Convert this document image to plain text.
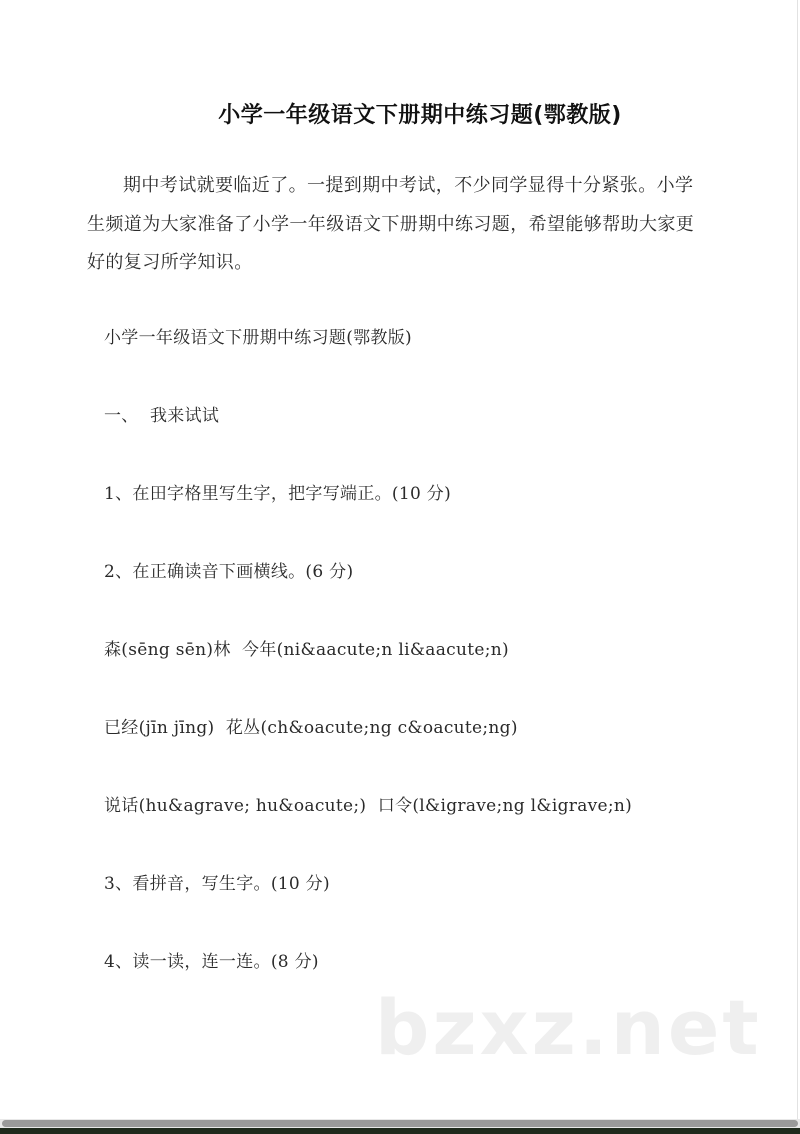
小学一年级语文下册期中练习题(鄂教版)

期中考试就要临近了。一提到期中考试，不少同学显得十分紧张。小学生频道为大家准备了小学一年级语文下册期中练习题，希望能够帮助大家更好的复习所学知识。

小学一年级语文下册期中练习题(鄂教版)

一、  我来试试

1、在田字格里写生字，把字写端正。(10 分)

2、在正确读音下画横线。(6 分)

森(sēng sēn)林  今年(ni&aacute;n li&aacute;n)

已经(jīn jīng)  花丛(ch&oacute;ng c&oacute;ng)

说话(hu&agrave; hu&oacute;)  口令(l&igrave;ng l&igrave;n)

3、看拼音，写生字。(10 分)

4、读一读，连一连。(8 分)

bzxz.net
